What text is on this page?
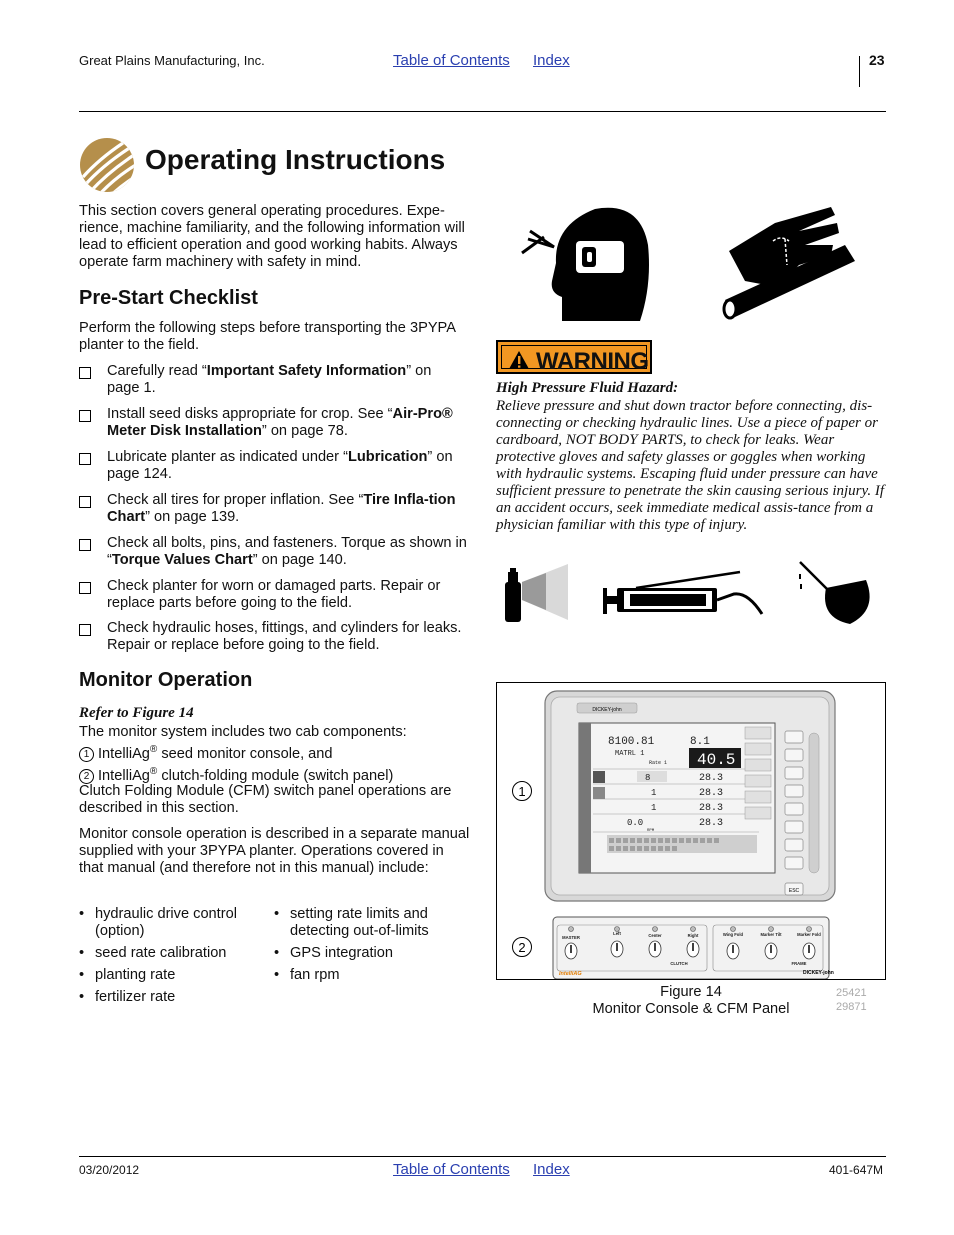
Great Plains Manufacturing, Inc.	Table of Contents Index	23
Operating Instructions
This section covers general operating procedures. Expe-rience, machine familiarity, and the following information will lead to efficient operation and good working habits. Always operate farm machinery with safety in mind.
Pre-Start Checklist
Perform the following steps before transporting the 3PYPA planter to the field.
Carefully read “Important Safety Information” on page 1.
Install seed disks appropriate for crop. See “Air-Pro® Meter Disk Installation” on page 78.
Lubricate planter as indicated under “Lubrication” on page 124.
Check all tires for proper inflation. See “Tire Infla-tion Chart” on page 139.
Check all bolts, pins, and fasteners. Torque as shown in “Torque Values Chart” on page 140.
Check planter for worn or damaged parts. Repair or replace parts before going to the field.
Check hydraulic hoses, fittings, and cylinders for leaks. Repair or replace before going to the field.
Monitor Operation
Refer to Figure 14
The monitor system includes two cab components:
1 IntelliAg® seed monitor console, and
2 IntelliAg® clutch-folding module (switch panel)
Clutch Folding Module (CFM) switch panel operations are described in this section.
Monitor console operation is described in a separate manual supplied with your 3PYPA planter. Operations covered in that manual (and therefore not in this manual) include:
• hydraulic drive control (option)
• seed rate calibration
• planting rate
• fertilizer rate
• setting rate limits and detecting out-of-limits
• GPS integration
• fan rpm
WARNING
High Pressure Fluid Hazard:
Relieve pressure and shut down tractor before connecting, dis-connecting or checking hydraulic lines. Use a piece of paper or cardboard, NOT BODY PARTS, to check for leaks. Wear protective gloves and safety glasses or goggles when working with hydraulic systems. Escaping fluid under pressure can have sufficient pressure to penetrate the skin causing serious injury. If an accident occurs, seek immediate medical assis-tance from a physician familiar with this type of injury.
DICKEY-john
8100.81	8.1
MATRL 1
Rate 1 40.5
8	28.3
1	28.3
1	28.3
0.0
RPM
28.3
ESC
1
2
MASTER
Left	Center	Right	Wing Fold	Marker Tilt	Marker Fold
CLUTCH	FRAME
IntelliAG	DICKEY-john
Figure 14
Monitor Console & CFM Panel
25421
29871
03/20/2012	Table of Contents Index	401-647M
